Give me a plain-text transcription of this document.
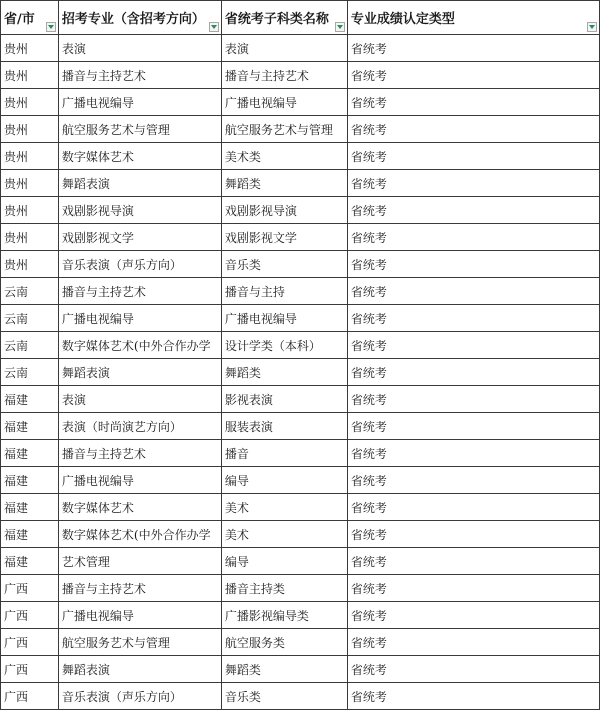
省/市	招考专业（含招考方向）	省统考子科类名称	专业成绩认定类型

贵州	表演	表演	省统考
贵州	播音与主持艺术	播音与主持艺术	省统考
贵州	广播电视编导	广播电视编导	省统考
贵州	航空服务艺术与管理	航空服务艺术与管理	省统考
贵州	数字媒体艺术	美术类	省统考
贵州	舞蹈表演	舞蹈类	省统考
贵州	戏剧影视导演	戏剧影视导演	省统考
贵州	戏剧影视文学	戏剧影视文学	省统考
贵州	音乐表演（声乐方向）	音乐类	省统考
云南	播音与主持艺术	播音与主持	省统考
云南	广播电视编导	广播电视编导	省统考
云南	数字媒体艺术(中外合作办学	设计学类（本科）	省统考
云南	舞蹈表演	舞蹈类	省统考
福建	表演	影视表演	省统考
福建	表演（时尚演艺方向）	服装表演	省统考
福建	播音与主持艺术	播音	省统考
福建	广播电视编导	编导	省统考
福建	数字媒体艺术	美术	省统考
福建	数字媒体艺术(中外合作办学	美术	省统考
福建	艺术管理	编导	省统考
广西	播音与主持艺术	播音主持类	省统考
广西	广播电视编导	广播影视编导类	省统考
广西	航空服务艺术与管理	航空服务类	省统考
广西	舞蹈表演	舞蹈类	省统考
广西	音乐表演（声乐方向）	音乐类	省统考
